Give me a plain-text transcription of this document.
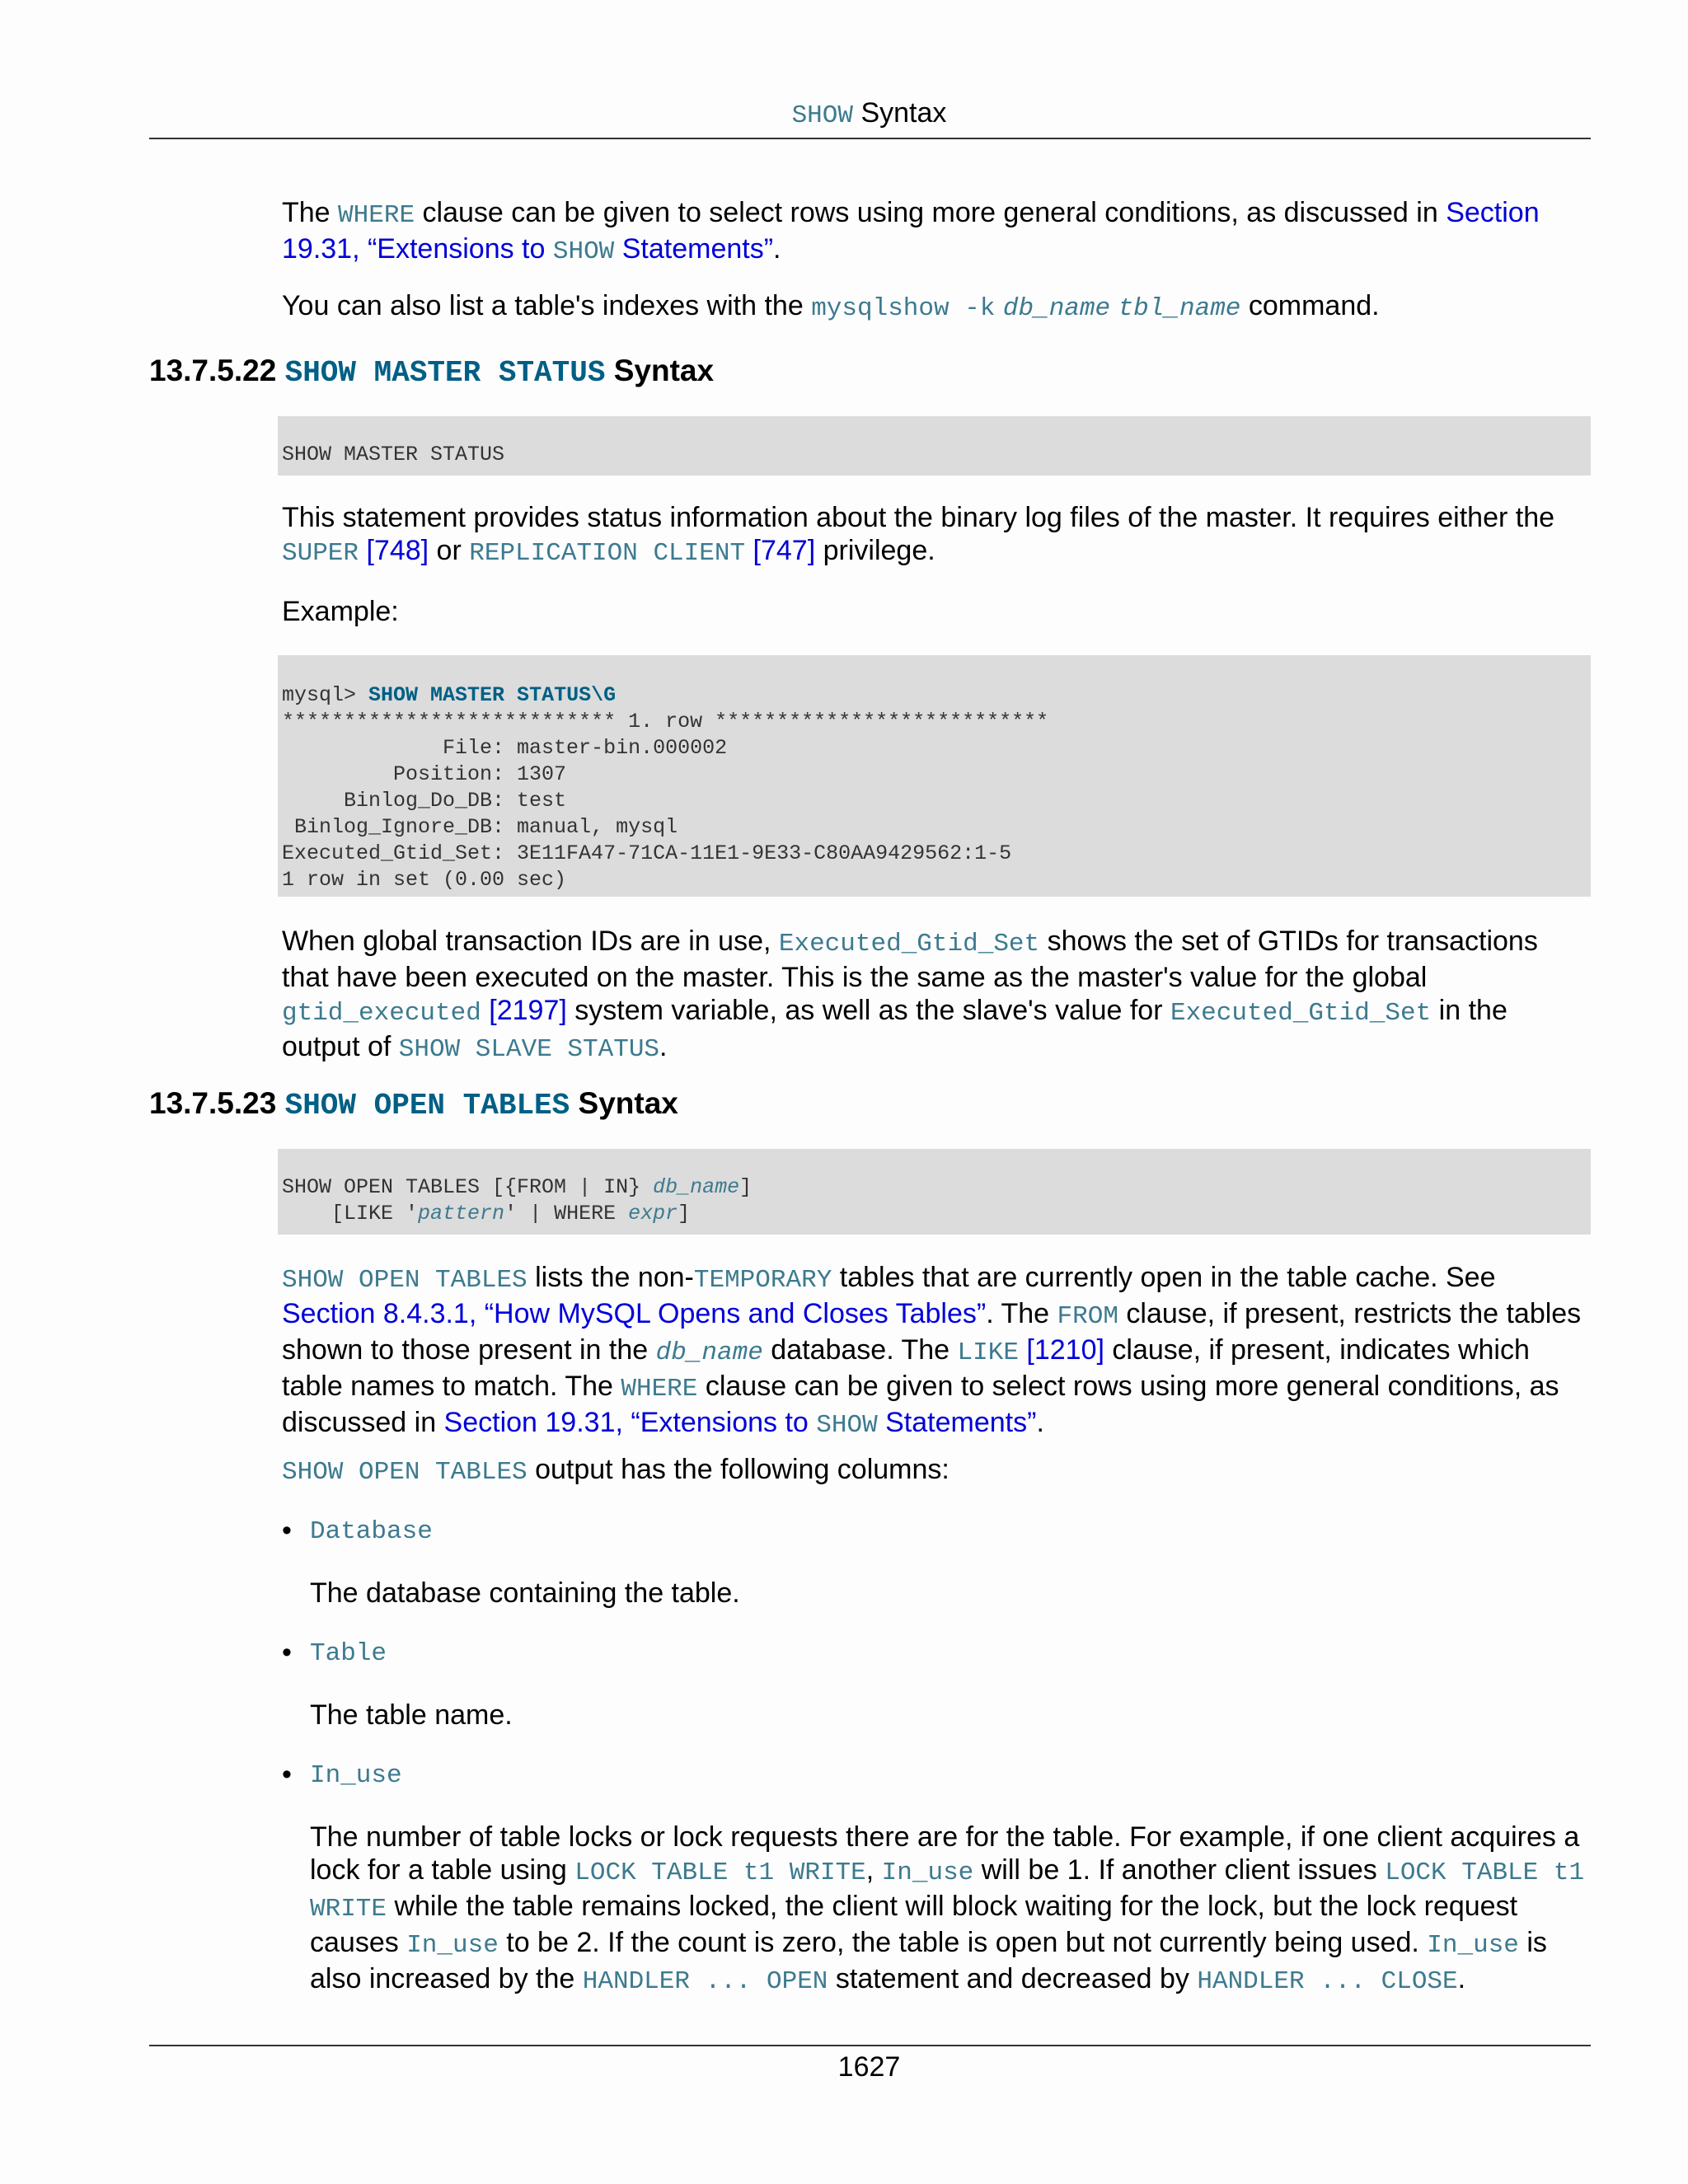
SHOW Syntax

The WHERE clause can be given to select rows using more general conditions, as discussed in Section 19.31, “Extensions to SHOW Statements”.

You can also list a table's indexes with the mysqlshow -k db_name tbl_name command.

13.7.5.22 SHOW MASTER STATUS Syntax
SHOW MASTER STATUS

This statement provides status information about the binary log files of the master. It requires either the SUPER [748] or REPLICATION CLIENT [747] privilege.

Example:

mysql> SHOW MASTER STATUS\G
*************************** 1. row ***************************
File: master-bin.000002
Position: 1307
Binlog_Do_DB: test
Binlog_Ignore_DB: manual, mysql
Executed_Gtid_Set: 3E11FA47-71CA-11E1-9E33-C80AA9429562:1-5
1 row in set (0.00 sec)

When global transaction IDs are in use, Executed_Gtid_Set shows the set of GTIDs for transactions that have been executed on the master. This is the same as the master's value for the global gtid_executed [2197] system variable, as well as the slave's value for Executed_Gtid_Set in the output of SHOW SLAVE STATUS.

13.7.5.23 SHOW OPEN TABLES Syntax
SHOW OPEN TABLES [{FROM | IN} db_name]
[LIKE 'pattern' | WHERE expr]

SHOW OPEN TABLES lists the non-TEMPORARY tables that are currently open in the table cache. See Section 8.4.3.1, “How MySQL Opens and Closes Tables”. The FROM clause, if present, restricts the tables shown to those present in the db_name database. The LIKE [1210] clause, if present, indicates which table names to match. The WHERE clause can be given to select rows using more general conditions, as discussed in Section 19.31, “Extensions to SHOW Statements”.

SHOW OPEN TABLES output has the following columns:

• Database

The database containing the table.

• Table

The table name.

• In_use

The number of table locks or lock requests there are for the table. For example, if one client acquires a lock for a table using LOCK TABLE t1 WRITE, In_use will be 1. If another client issues LOCK TABLE t1 WRITE while the table remains locked, the client will block waiting for the lock, but the lock request causes In_use to be 2. If the count is zero, the table is open but not currently being used. In_use is also increased by the HANDLER ... OPEN statement and decreased by HANDLER ... CLOSE.

1627
